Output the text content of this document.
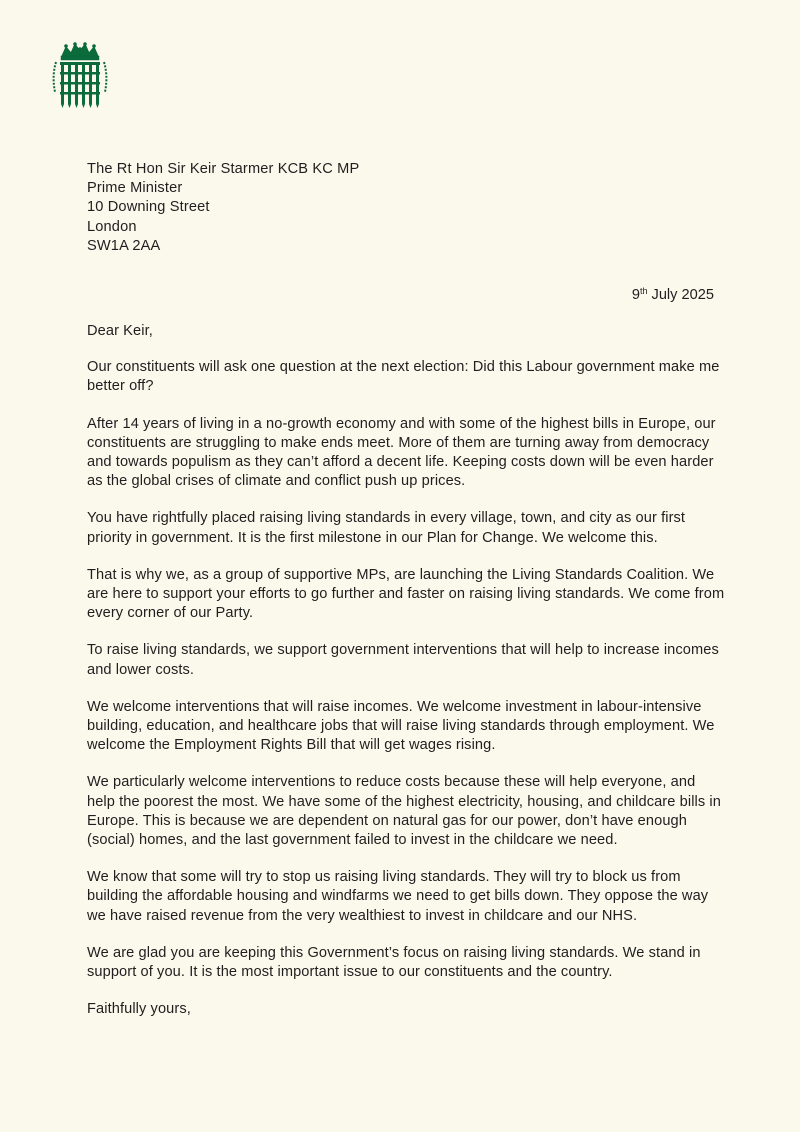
The Rt Hon Sir Keir Starmer KCB KC MP
Prime Minister
10 Downing Street
London
SW1A 2AA
9th July 2025

Dear Keir,

Our constituents will ask one question at the next election: Did this Labour government make me better off?

After 14 years of living in a no-growth economy and with some of the highest bills in Europe, our constituents are struggling to make ends meet. More of them are turning away from democracy and towards populism as they can’t afford a decent life. Keeping costs down will be even harder as the global crises of climate and conflict push up prices.

You have rightfully placed raising living standards in every village, town, and city as our first priority in government. It is the first milestone in our Plan for Change. We welcome this.

That is why we, as a group of supportive MPs, are launching the Living Standards Coalition. We are here to support your efforts to go further and faster on raising living standards. We come from every corner of our Party.

To raise living standards, we support government interventions that will help to increase incomes and lower costs.

We welcome interventions that will raise incomes. We welcome investment in labour-intensive building, education, and healthcare jobs that will raise living standards through employment. We welcome the Employment Rights Bill that will get wages rising.

We particularly welcome interventions to reduce costs because these will help everyone, and help the poorest the most. We have some of the highest electricity, housing, and childcare bills in Europe. This is because we are dependent on natural gas for our power, don’t have enough (social) homes, and the last government failed to invest in the childcare we need.

We know that some will try to stop us raising living standards. They will try to block us from building the affordable housing and windfarms we need to get bills down. They oppose the way we have raised revenue from the very wealthiest to invest in childcare and our NHS.

We are glad you are keeping this Government’s focus on raising living standards. We stand in support of you. It is the most important issue to our constituents and the country.

Faithfully yours,
